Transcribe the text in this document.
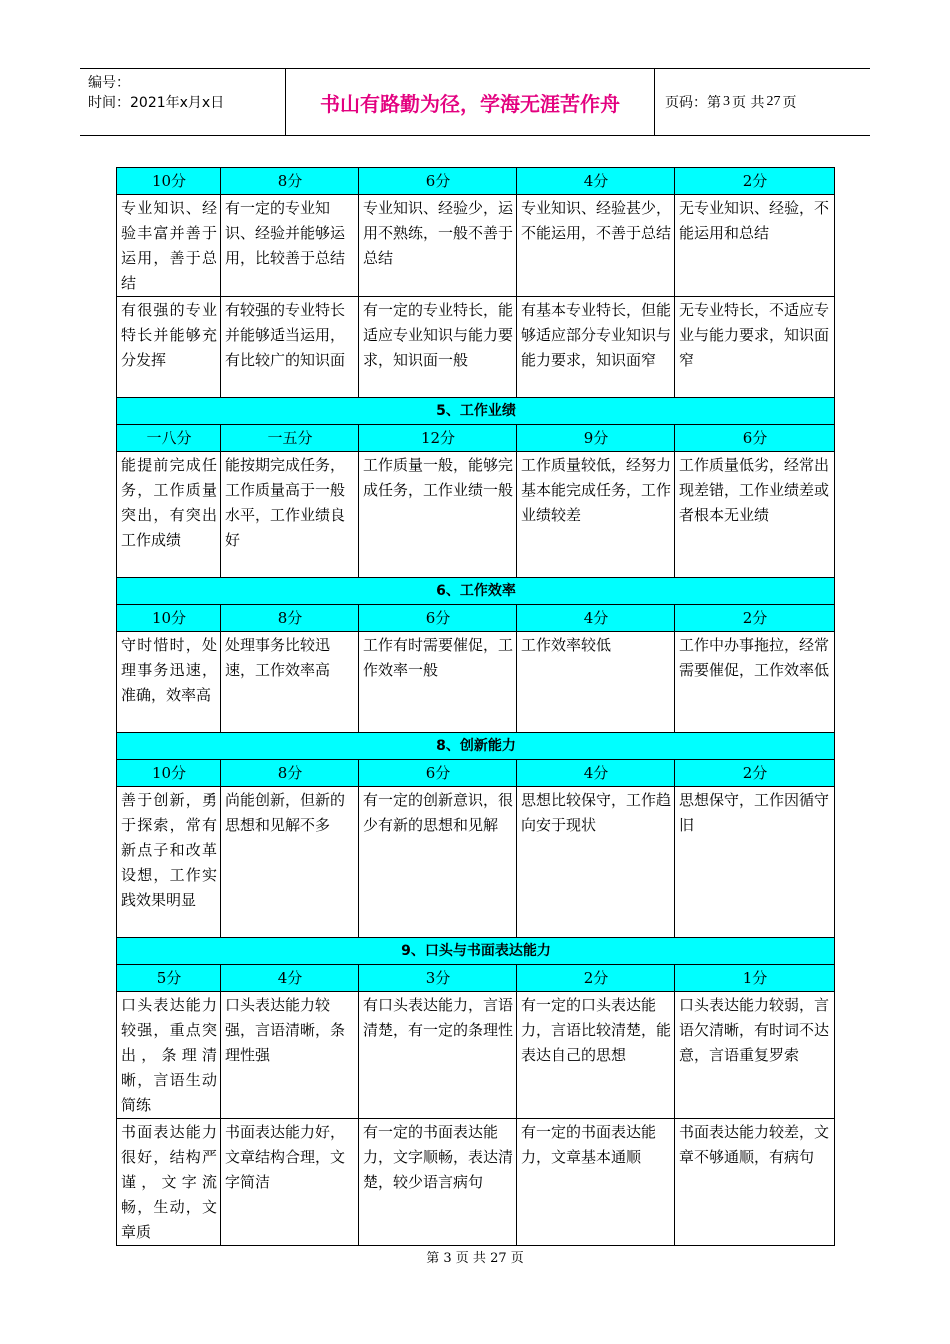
编号：
时间：2021年x月x日	书山有路勤为径，学海无涯苦作舟	页码：第 3 页 共 27 页
10分	8分	6分	4分	2分
专业知识、经验丰富并善于运用，善于总结	有一定的专业知识、经验并能够运用，比较善于总结	专业知识、经验少，运用不熟练，一般不善于总结	专业知识、经验甚少，不能运用，不善于总结	无专业知识、经验，不能运用和总结
有很强的专业特长并能够充分发挥	有较强的专业特长并能够适当运用，有比较广的知识面	有一定的专业特长，能适应专业知识与能力要求，知识面一般	有基本专业特长，但能够适应部分专业知识与能力要求，知识面窄	无专业特长，不适应专业与能力要求，知识面窄
5、工作业绩				
一八分	一五分	12分	9分	6分
能提前完成任务，工作质量突出，有突出工作成绩	能按期完成任务，工作质量高于一般水平，工作业绩良好	工作质量一般，能够完成任务，工作业绩一般	工作质量较低，经努力基本能完成任务，工作业绩较差	工作质量低劣，经常出现差错，工作业绩差或者根本无业绩
6、工作效率				
10分	8分	6分	4分	2分
守时惜时，处理事务迅速，准确，效率高	处理事务比较迅速，工作效率高	工作有时需要催促，工作效率一般	工作效率较低	工作中办事拖拉，经常需要催促，工作效率低
8、创新能力				
10分	8分	6分	4分	2分
善于创新，勇于探索，常有新点子和改革设想，工作实践效果明显	尚能创新，但新的思想和见解不多	有一定的创新意识，很少有新的思想和见解	思想比较保守，工作趋向安于现状	思想保守，工作因循守旧
9、口头与书面表达能力				
5分	4分	3分	2分	1分
口头表达能力较强，重点突出，条理清晰，言语生动简练	口头表达能力较强，言语清晰，条理性强	有口头表达能力，言语清楚，有一定的条理性	有一定的口头表达能力，言语比较清楚，能表达自己的思想	口头表达能力较弱，言语欠清晰，有时词不达意，言语重复罗索
书面表达能力很好，结构严谨，文字流畅，生动，文章质	书面表达能力好，文章结构合理，文字简洁	有一定的书面表达能力，文字顺畅，表达清楚，较少语言病句	有一定的书面表达能力，文章基本通顺	书面表达能力较差，文章不够通顺，有病句
第 3 页 共 27 页
